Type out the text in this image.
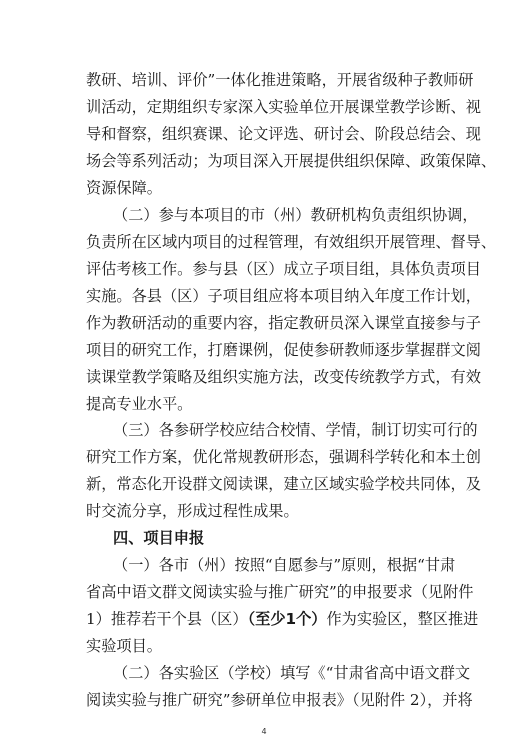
教研、培训、评价”一体化推进策略，开展省级种子教师研
训活动，定期组织专家深入实验单位开展课堂教学诊断、视
导和督察，组织赛课、论文评选、研讨会、阶段总结会、现
场会等系列活动；为项目深入开展提供组织保障、政策保障、
资源保障。
（二）参与本项目的市（州）教研机构负责组织协调，
负责所在区域内项目的过程管理，有效组织开展管理、督导、
评估考核工作。参与县（区）成立子项目组，具体负责项目
实施。各县（区）子项目组应将本项目纳入年度工作计划，
作为教研活动的重要内容，指定教研员深入课堂直接参与子
项目的研究工作，打磨课例，促使参研教师逐步掌握群文阅
读课堂教学策略及组织实施方法，改变传统教学方式，有效
提高专业水平。
（三）各参研学校应结合校情、学情，制订切实可行的
研究工作方案，优化常规教研形态，强调科学转化和本土创
新，常态化开设群文阅读课，建立区域实验学校共同体，及
时交流分享，形成过程性成果。
四、项目申报
（一）各市（州）按照“自愿参与”原则，根据“甘肃
省高中语文群文阅读实验与推广研究”的申报要求（见附件
1）推荐若干个县（区）（至少1个）作为实验区，整区推进
实验项目。
（二）各实验区（学校）填写《“甘肃省高中语文群文
阅读实验与推广研究”参研单位申报表》（见附件 2），并将
4
